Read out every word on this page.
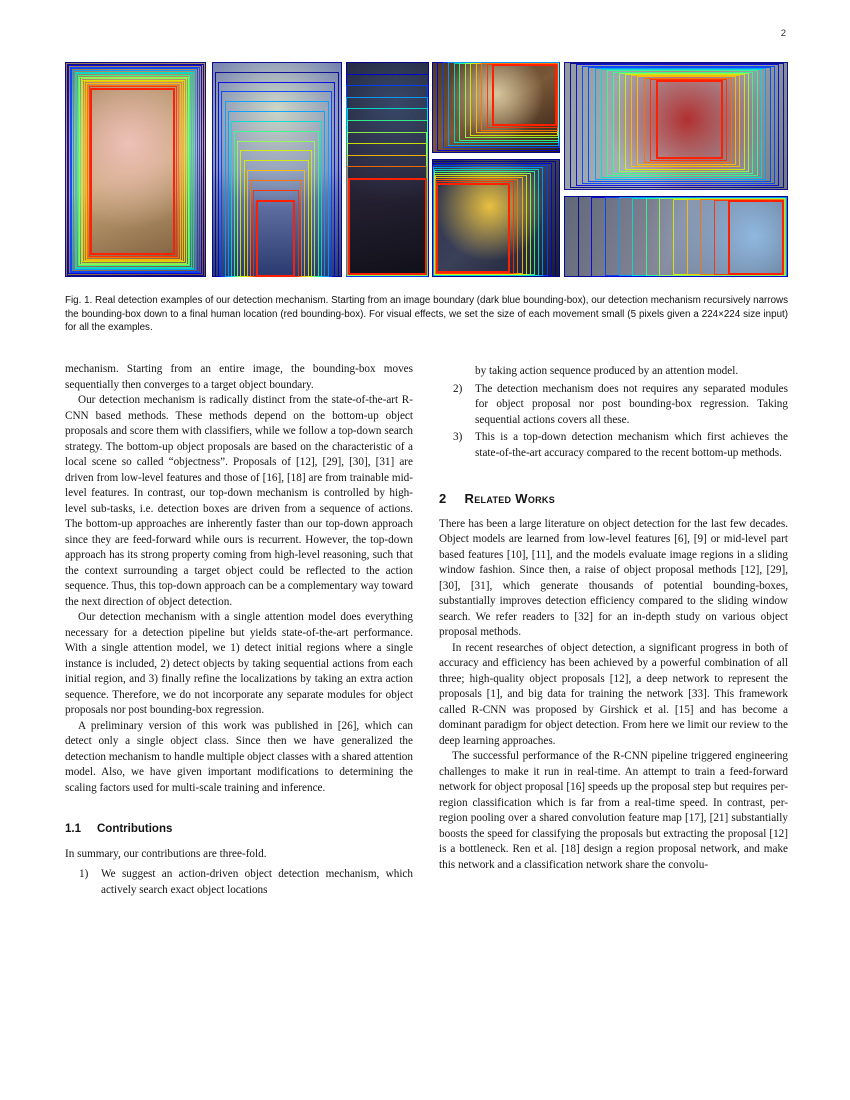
2
Fig. 1. Real detection examples of our detection mechanism. Starting from an image boundary (dark blue bounding-box), our detection mechanism recursively narrows the bounding-box down to a final human location (red bounding-box). For visual effects, we set the size of each movement small (5 pixels given a 224×224 size input) for all the examples.

mechanism. Starting from an entire image, the bounding-box moves sequentially then converges to a target object boundary.

Our detection mechanism is radically distinct from the state-of-the-art R-CNN based methods. These methods depend on the bottom-up object proposals and score them with classifiers, while we follow a top-down search strategy. The bottom-up object proposals are based on the characteristic of a local scene so called “objectness”. Proposals of [12], [29], [30], [31] are driven from low-level features and those of [16], [18] are from trainable mid-level features. In contrast, our top-down mechanism is controlled by high-level sub-tasks, i.e. detection boxes are driven from a sequence of actions. The bottom-up approaches are inherently faster than our top-down approach since they are feed-forward while ours is recurrent. However, the top-down approach has its strong property coming from high-level reasoning, such that the context surrounding a target object could be reflected to the action sequence. Thus, this top-down approach can be a complementary way toward the next direction of object detection.

Our detection mechanism with a single attention model does everything necessary for a detection pipeline but yields state-of-the-art performance. With a single attention model, we 1) detect initial regions where a single instance is included, 2) detect objects by taking sequential actions from each initial region, and 3) finally refine the localizations by taking an extra action sequence. Therefore, we do not incorporate any separate modules for object proposals nor post bounding-box regression.

A preliminary version of this work was published in [26], which can detect only a single object class. Since then we have generalized the detection mechanism to handle multiple object classes with a shared attention model. Also, we have given important modifications to determining the scaling factors used for multi-scale training and inference.

1.1 Contributions

In summary, our contributions are three-fold.

1)	We suggest an action-driven object detection mechanism, which actively search exact object locations
by taking action sequence produced by an attention model.
2)	The detection mechanism does not requires any separated modules for object proposal nor post bounding-box regression. Taking sequential actions covers all these.
3)	This is a top-down detection mechanism which first achieves the state-of-the-art accuracy compared to the recent bottom-up methods.
2 Related Works

There has been a large literature on object detection for the last few decades. Object models are learned from low-level features [6], [9] or mid-level part based features [10], [11], and the models evaluate image regions in a sliding window fashion. Since then, a raise of object proposal methods [12], [29], [30], [31], which generate thousands of potential bounding-boxes, substantially improves detection efficiency compared to the sliding window search. We refer readers to [32] for an in-depth study on various object proposal methods.

In recent researches of object detection, a significant progress in both of accuracy and efficiency has been achieved by a powerful combination of all three; high-quality object proposals [12], a deep network to represent the proposals [1], and big data for training the network [33]. This framework called R-CNN was proposed by Girshick et al. [15] and has become a dominant paradigm for object detection. From here we limit our review to the deep learning approaches.

The successful performance of the R-CNN pipeline triggered engineering challenges to make it run in real-time. An attempt to train a feed-forward network for object proposal [16] speeds up the proposal step but requires per-region classification which is far from a real-time speed. In contrast, per-region pooling over a shared convolution feature map [17], [21] substantially boosts the speed for classifying the proposals but extracting the proposal [12] is a bottleneck. Ren et al. [18] design a region proposal network, and make this network and a classification network share the convolu-
